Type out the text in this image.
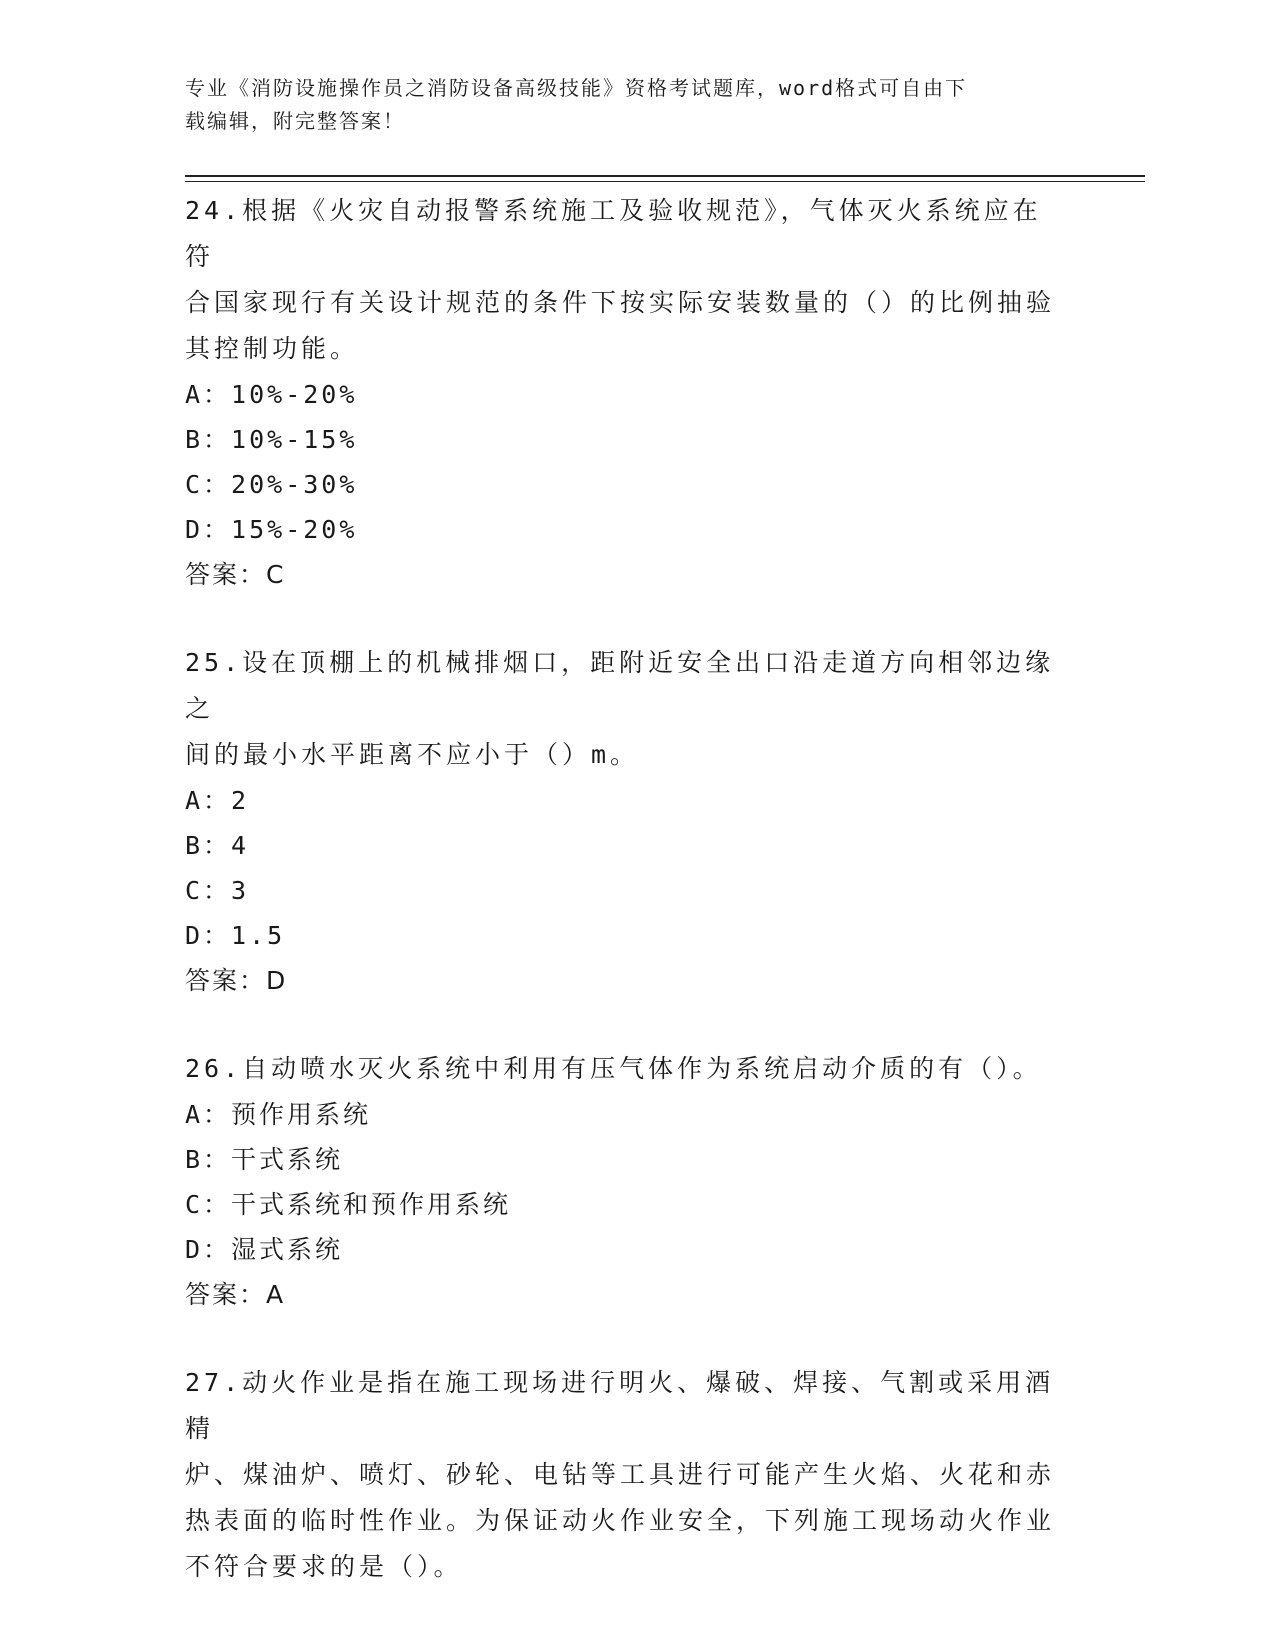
专业《消防设施操作员之消防设备高级技能》资格考试题库，word格式可自由下
载编辑，附完整答案！
24.根据《火灾自动报警系统施工及验收规范》，气体灭火系统应在符
合国家现行有关设计规范的条件下按实际安装数量的（）的比例抽验
其控制功能。
A：10%-20%
B：10%-15%
C：20%-30%
D：15%-20%
答案：C
25.设在顶棚上的机械排烟口，距附近安全出口沿走道方向相邻边缘之
间的最小水平距离不应小于（）m。
A：2
B：4
C：3
D：1.5
答案：D
26.自动喷水灭火系统中利用有压气体作为系统启动介质的有（）。
A：预作用系统
B：干式系统
C：干式系统和预作用系统
D：湿式系统
答案：A
27.动火作业是指在施工现场进行明火、爆破、焊接、气割或采用酒精
炉、煤油炉、喷灯、砂轮、电钻等工具进行可能产生火焰、火花和赤
热表面的临时性作业。为保证动火作业安全，下列施工现场动火作业
不符合要求的是（）。
